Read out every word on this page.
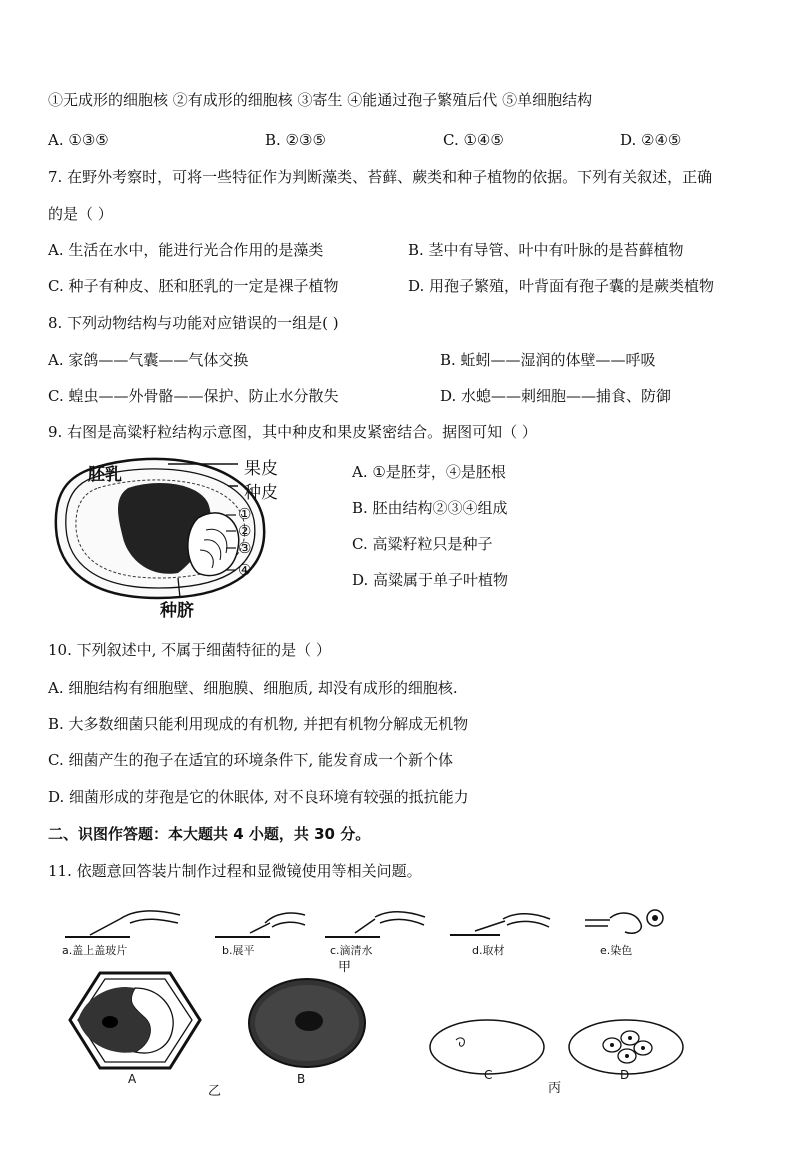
①无成形的细胞核 ②有成形的细胞核 ③寄生 ④能通过孢子繁殖后代 ⑤单细胞结构
A. ①③⑤	B. ②③⑤	C. ①④⑤	D. ②④⑤
7. 在野外考察时，可将一些特征作为判断藻类、苔藓、蕨类和种子植物的依据。下列有关叙述，正确
的是（ ）
A. 生活在水中，能进行光合作用的是藻类	B. 茎中有导管、叶中有叶脉的是苔藓植物
C. 种子有种皮、胚和胚乳的一定是裸子植物	D. 用孢子繁殖，叶背面有孢子囊的是蕨类植物
8. 下列动物结构与功能对应错误的一组是( )
A. 家鸽——气囊——气体交换	B. 蚯蚓——湿润的体壁——呼吸
C. 蝗虫——外骨骼——保护、防止水分散失	D. 水螅——刺细胞——捕食、防御
9. 右图是高粱籽粒结构示意图，其中种皮和果皮紧密结合。据图可知（ ）
胚乳	果皮
种皮
①
②
③
④
种脐
A. ①是胚芽，④是胚根
B. 胚由结构②③④组成
C. 高粱籽粒只是种子
D. 高粱属于单子叶植物
10. 下列叙述中, 不属于细菌特征的是（ ）
A. 细胞结构有细胞壁、细胞膜、细胞质, 却没有成形的细胞核.
B. 大多数细菌只能利用现成的有机物, 并把有机物分解成无机物
C. 细菌产生的孢子在适宜的环境条件下, 能发育成一个新个体
D. 细菌形成的芽孢是它的休眠体, 对不良环境有较强的抵抗能力
二、识图作答题：本大题共 4 小题，共 30 分。
11. 依题意回答装片制作过程和显微镜使用等相关问题。
a.盖上盖玻片	b.展平	c.滴清水	d.取材	e.染色
甲
A	B	C	D
乙	丙
